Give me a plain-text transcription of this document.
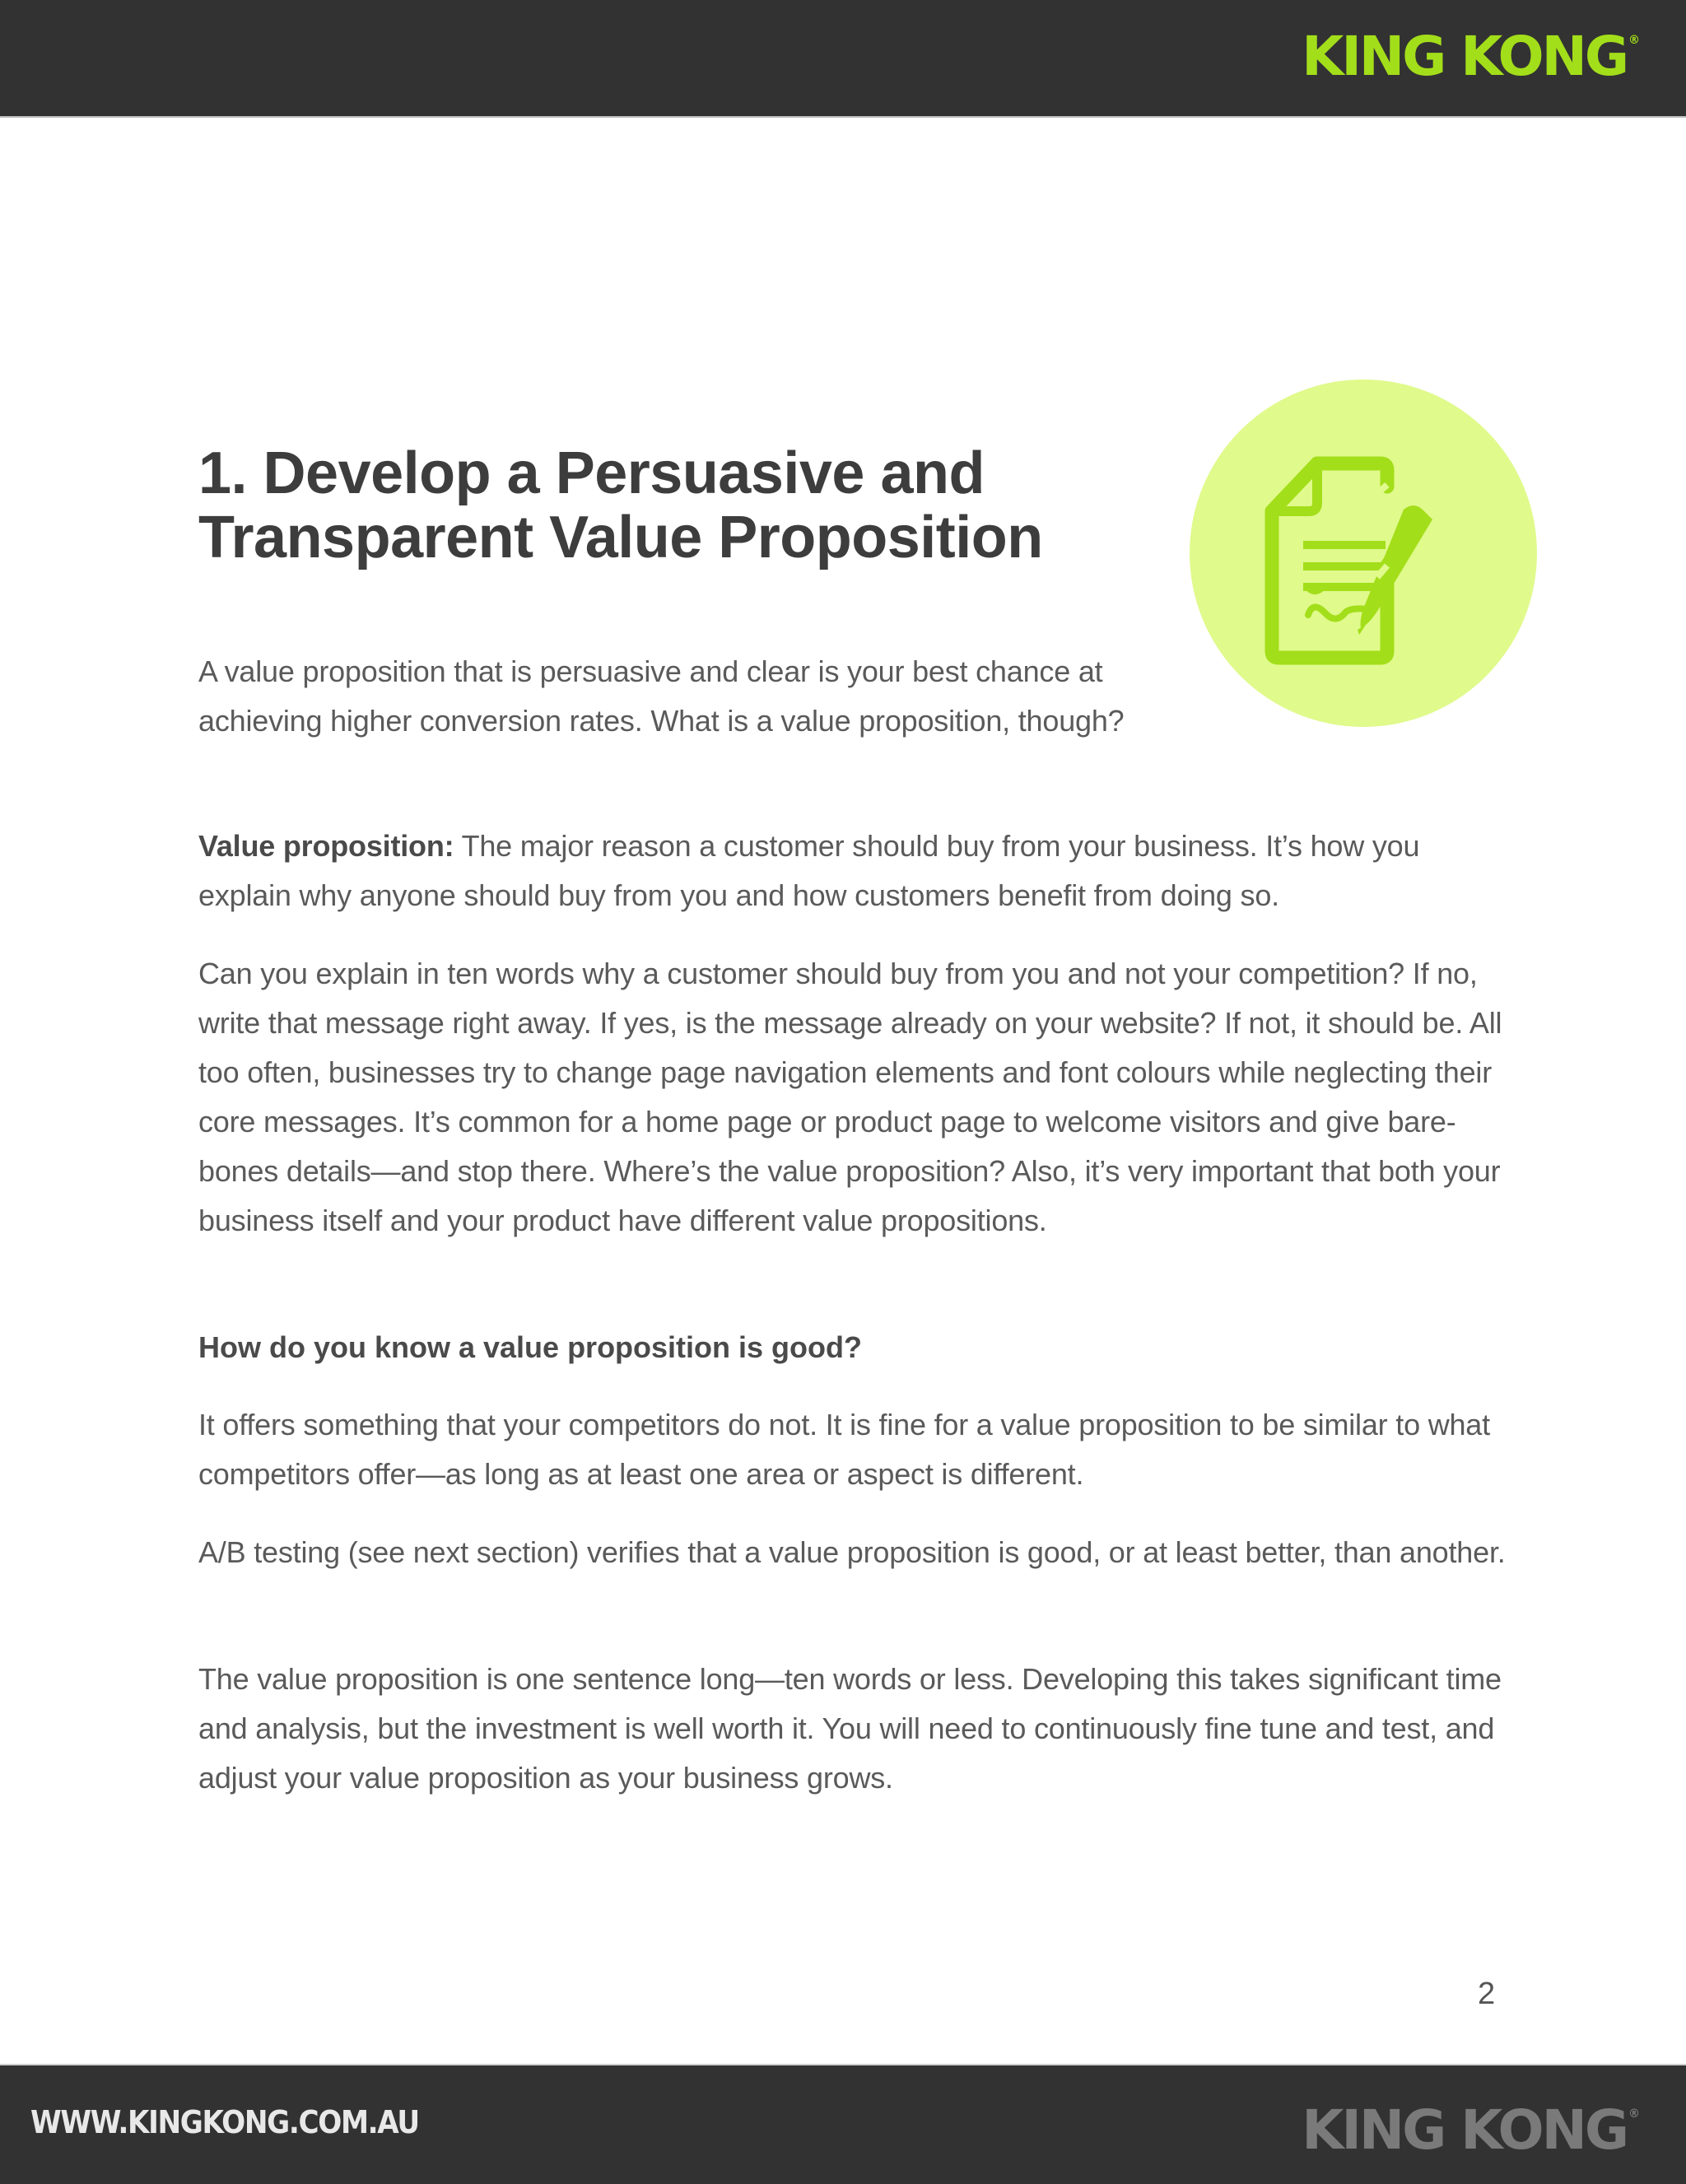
KING KONG ®
1. Develop a Persuasive and
Transparent Value Proposition

A value proposition that is persuasive and clear is your best chance at achieving higher conversion rates. What is a value proposition, though?

Value proposition: The major reason a customer should buy from your business. It’s how you explain why anyone should buy from you and how customers benefit from doing so.

Can you explain in ten words why a customer should buy from you and not your competition? If no, write that message right away. If yes, is the message already on your website? If not, it should be. All too often, businesses try to change page navigation elements and font colours while neglecting their core messages. It’s common for a home page or product page to welcome visitors and give bare-bones details—and stop there. Where’s the value proposition? Also, it’s very important that both your business itself and your product have different value propositions.

How do you know a value proposition is good?

It offers something that your competitors do not. It is fine for a value proposition to be similar to what competitors offer—as long as at least one area or aspect is different.

A/B testing (see next section) verifies that a value proposition is good, or at least better, than another.

The value proposition is one sentence long—ten words or less. Developing this takes significant time and analysis, but the investment is well worth it. You will need to continuously fine tune and test, and adjust your value proposition as your business grows.

2
WWW.KINGKONG.COM.AU	KING KONG ®
